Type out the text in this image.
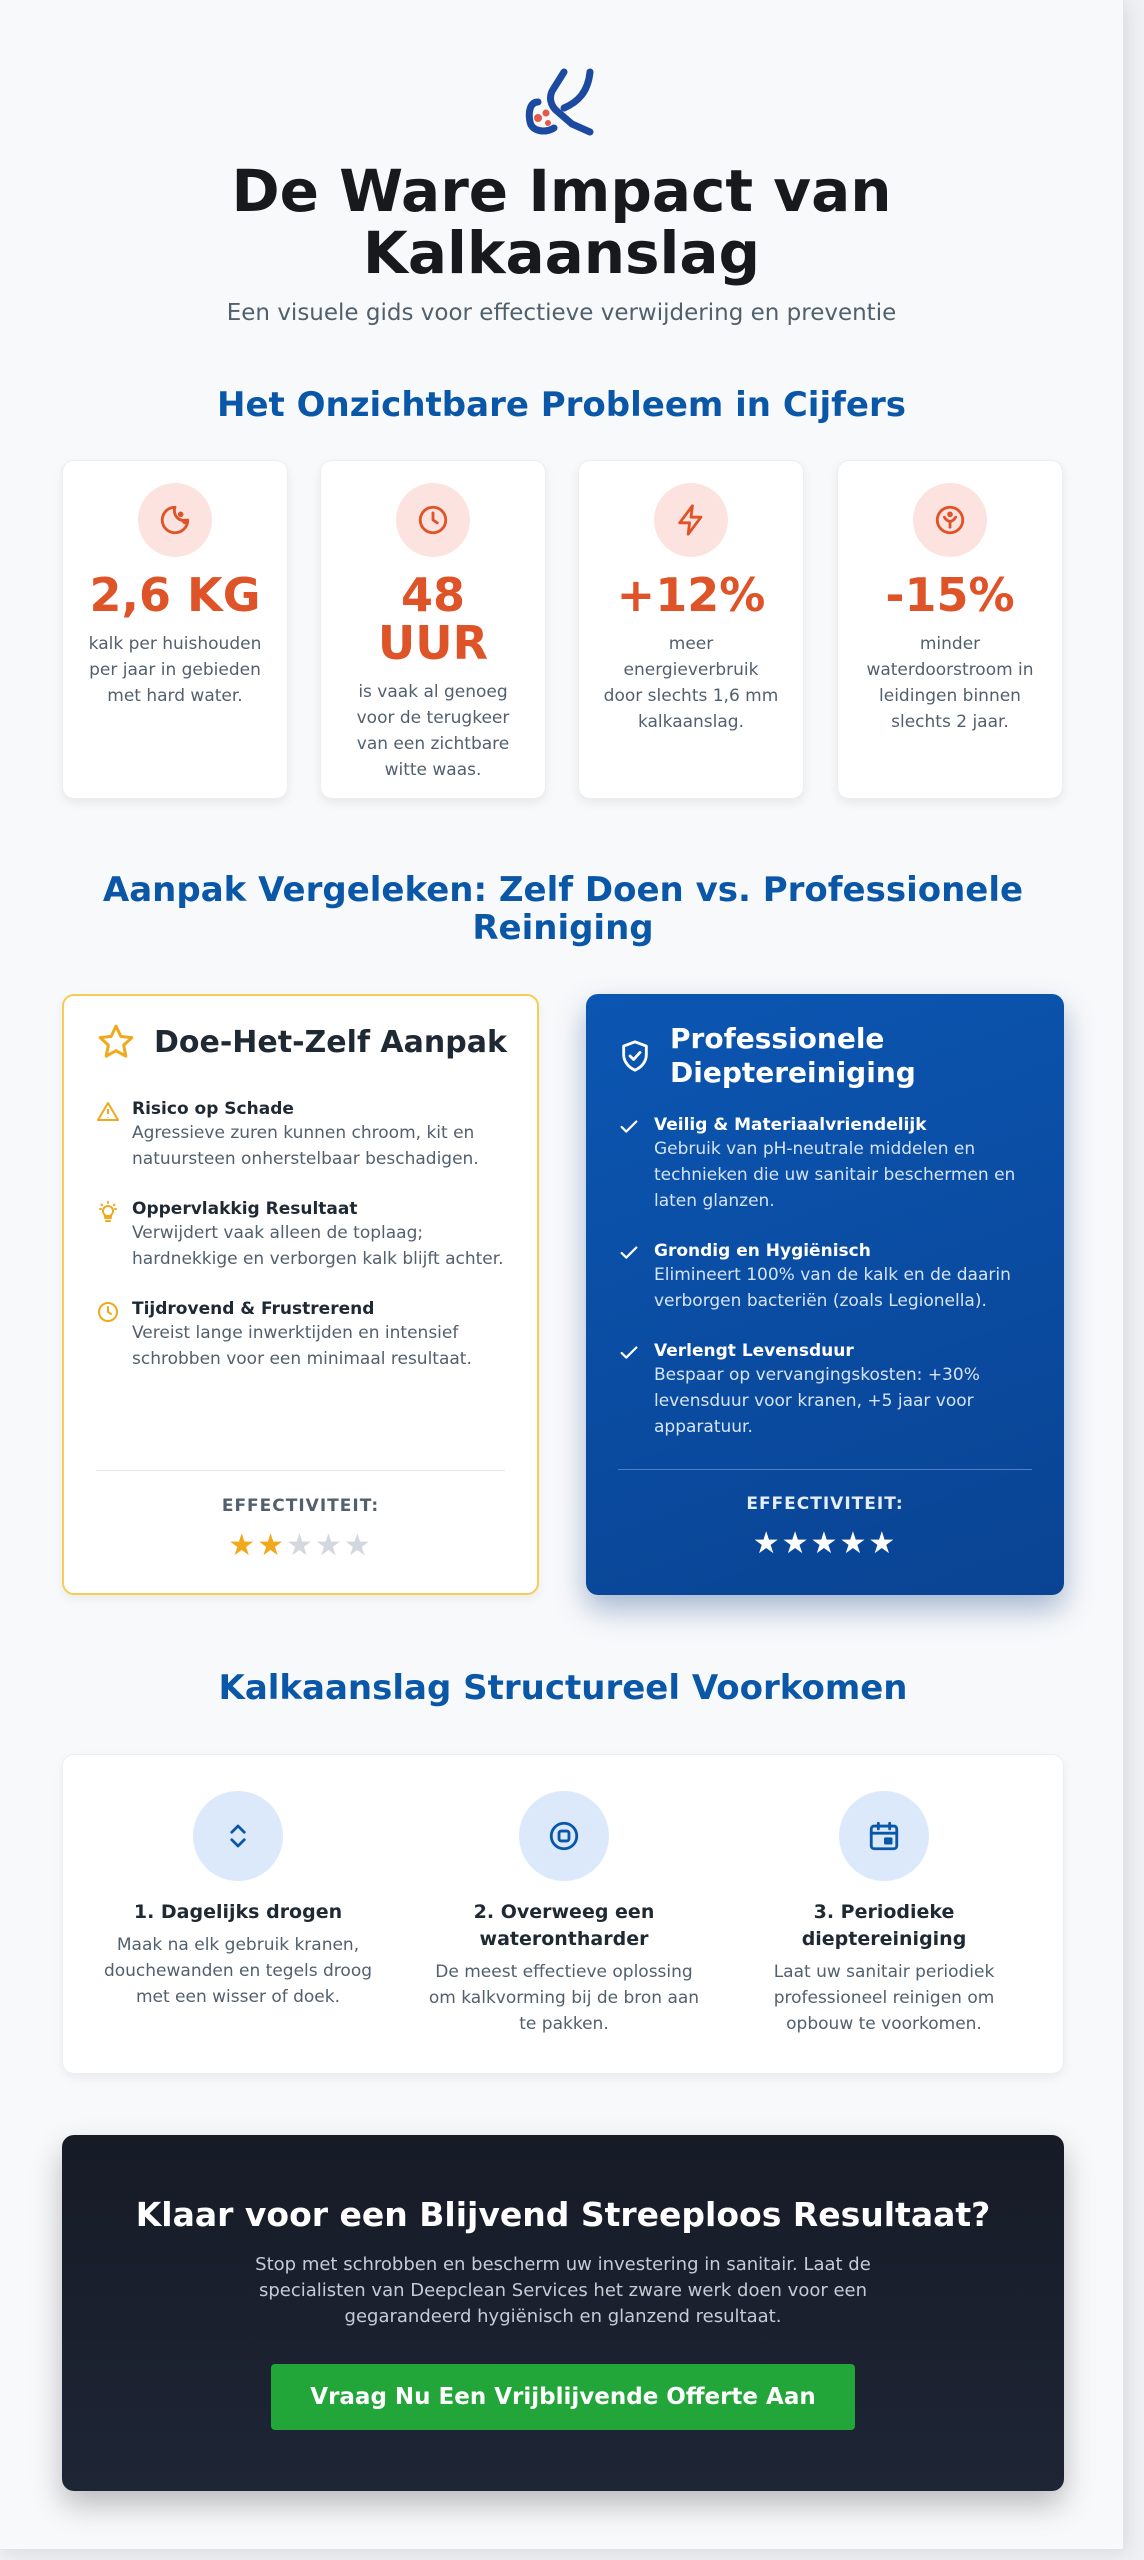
De Ware Impact van Kalkaanslag

Een visuele gids voor effectieve verwijdering en preventie

Het Onzichtbare Probleem in Cijfers
2,6 KG

kalk per huishouden per jaar in gebieden met hard water.

48 UUR

is vaak al genoeg voor de terugkeer van een zichtbare witte waas.

+12%

meer energieverbruik door slechts 1,6 mm kalkaanslag.

-15%

minder waterdoorstroom in leidingen binnen slechts 2 jaar.

Aanpak Vergeleken: Zelf Doen vs. Professionele Reiniging
Doe-Het-Zelf Aanpak
Risico op Schade
Agressieve zuren kunnen chroom, kit en natuursteen onherstelbaar beschadigen.
Oppervlakkig Resultaat
Verwijdert vaak alleen de toplaag; hardnekkige en verborgen kalk blijft achter.
Tijdrovend & Frustrerend
Vereist lange inwerktijden en intensief schrobben voor een minimaal resultaat.
EFFECTIVITEIT:
★★★★★
Professionele Dieptereiniging
Veilig & Materiaalvriendelijk
Gebruik van pH-neutrale middelen en technieken die uw sanitair beschermen en laten glanzen.
Grondig en Hygiënisch
Elimineert 100% van de kalk en de daarin verborgen bacteriën (zoals Legionella).
Verlengt Levensduur
Bespaar op vervangingskosten: +30% levensduur voor kranen, +5 jaar voor apparatuur.
EFFECTIVITEIT:
★★★★★
Kalkaanslag Structureel Voorkomen
1. Dagelijks drogen

Maak na elk gebruik kranen, douchewanden en tegels droog met een wisser of doek.

2. Overweeg een waterontharder

De meest effectieve oplossing om kalkvorming bij de bron aan te pakken.

3. Periodieke dieptereiniging

Laat uw sanitair periodiek professioneel reinigen om opbouw te voorkomen.

Klaar voor een Blijvend Streeploos Resultaat?

Stop met schrobben en bescherm uw investering in sanitair. Laat de specialisten van Deepclean Services het zware werk doen voor een gegarandeerd hygiënisch en glanzend resultaat.

Vraag Nu Een Vrijblijvende Offerte Aan
